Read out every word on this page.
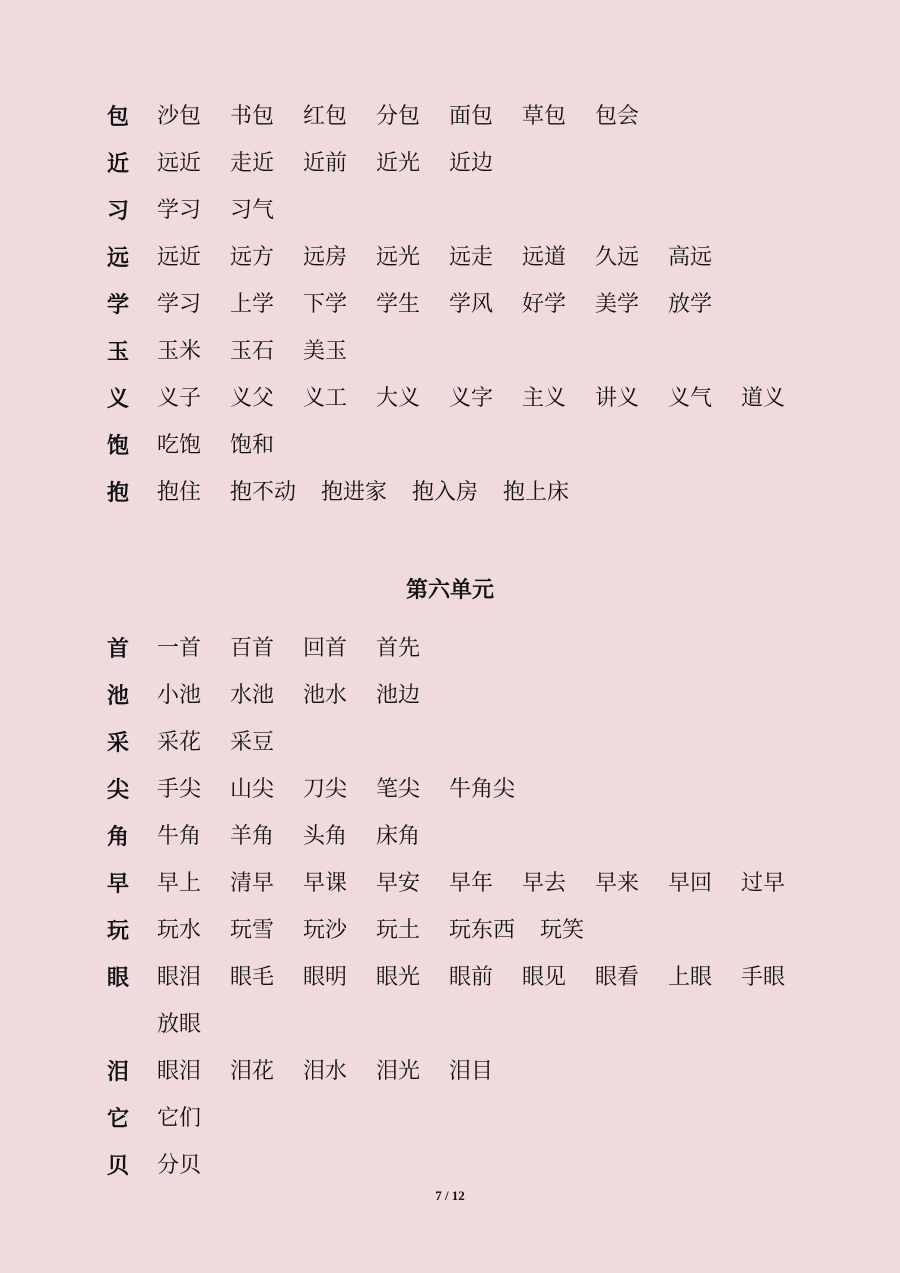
包 沙包 书包 红包 分包 面包 草包 包会
近 远近 走近 近前 近光 近边
习 学习 习气
远 远近 远方 远房 远光 远走 远道 久远 高远
学 学习 上学 下学 学生 学风 好学 美学 放学
玉 玉米 玉石 美玉
义 义子 义父 义工 大义 义字 主义 讲义 义气 道义
饱 吃饱 饱和
抱 抱住 抱不动 抱进家 抱入房 抱上床
第六单元
首 一首 百首 回首 首先
池 小池 水池 池水 池边
采 采花 采豆
尖 手尖 山尖 刀尖 笔尖 牛角尖
角 牛角 羊角 头角 床角
早 早上 清早 早课 早安 早年 早去 早来 早回 过早
玩 玩水 玩雪 玩沙 玩土 玩东西 玩笑
眼 眼泪 眼毛 眼明 眼光 眼前 眼见 眼看 上眼 手眼
放眼
泪 眼泪 泪花 泪水 泪光 泪目
它 它们
贝 分贝
7 / 12
